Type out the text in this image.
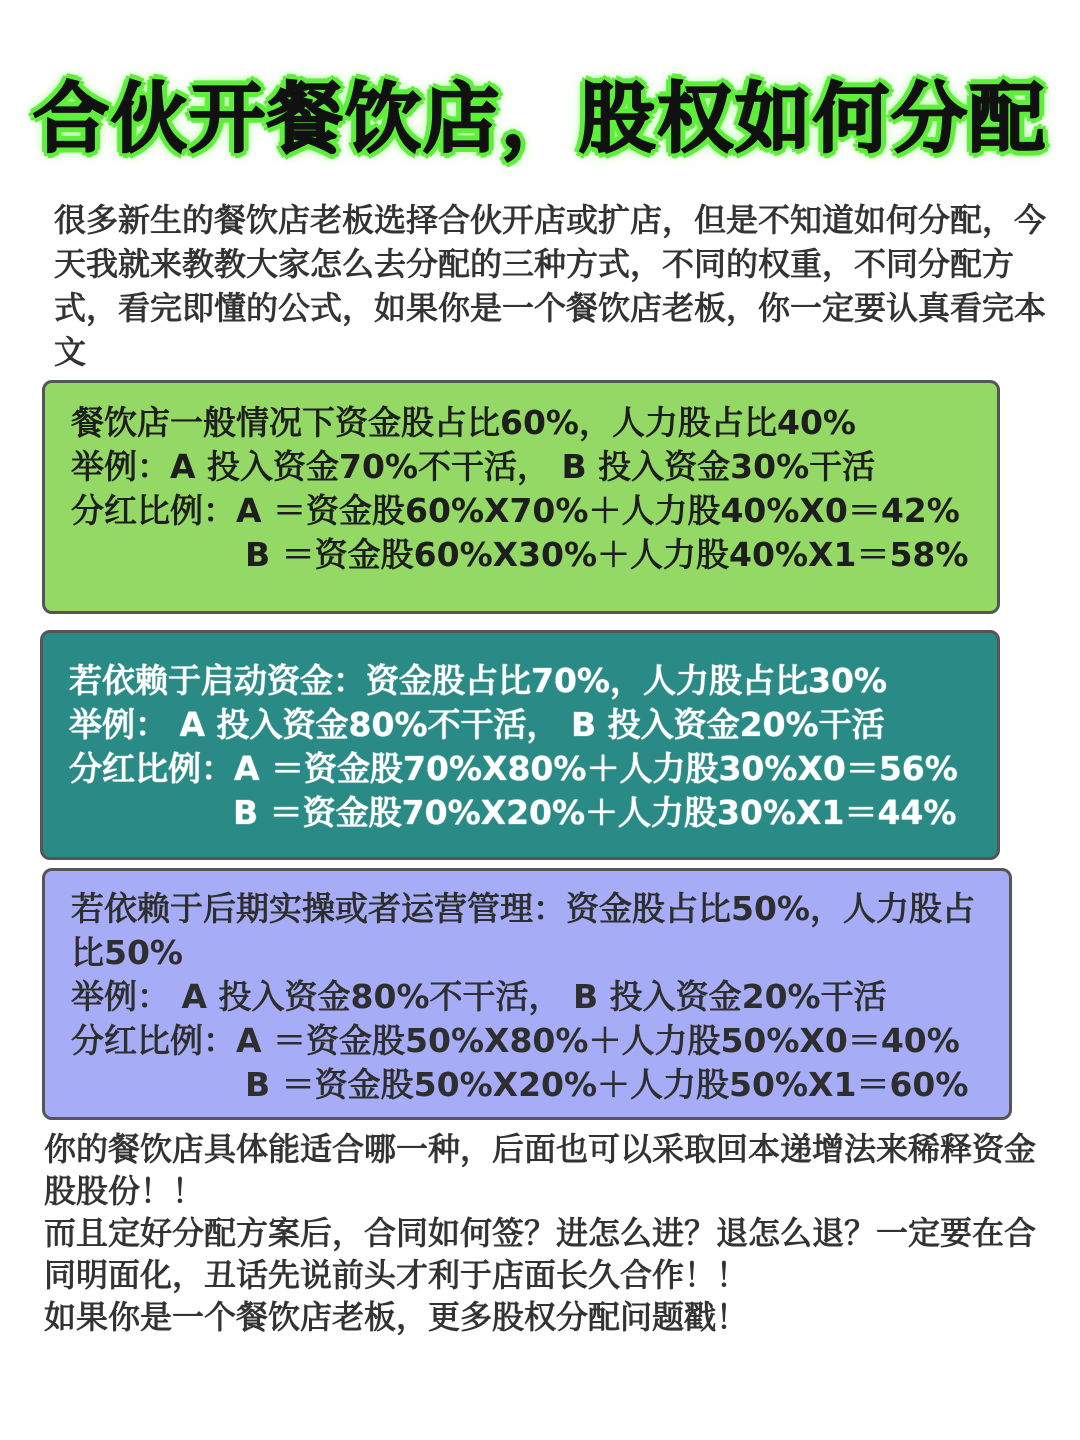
合伙开餐饮店，股权如何分配
很多新生的餐饮店老板选择合伙开店或扩店，但是不知道如何分配，今天我就来教教大家怎么去分配的三种方式，不同的权重，不同分配方式，看完即懂的公式，如果你是一个餐饮店老板，你一定要认真看完本文
餐饮店一般情况下资金股占比60%，人力股占比40%
举例：A 投入资金70%不干活， B 投入资金30%干活
分红比例：A ＝资金股60%X70%＋人力股40%X0＝42%
B ＝资金股60%X30%＋人力股40%X1＝58%
若依赖于启动资金：资金股占比70%，人力股占比30%
举例： A 投入资金80%不干活， B 投入资金20%干活
分红比例：A ＝资金股70%X80%＋人力股30%X0＝56%
B ＝资金股70%X20%＋人力股30%X1＝44%
若依赖于后期实操或者运营管理：资金股占比50%，人力股占比50%
举例： A 投入资金80%不干活， B 投入资金20%干活
分红比例：A ＝资金股50%X80%＋人力股50%X0＝40%
B ＝资金股50%X20%＋人力股50%X1＝60%

你的餐饮店具体能适合哪一种，后面也可以采取回本递增法来稀释资金股股份！！

而且定好分配方案后，合同如何签？进怎么进？退怎么退？一定要在合同明面化，丑话先说前头才利于店面长久合作！！

如果你是一个餐饮店老板，更多股权分配问题戳！
